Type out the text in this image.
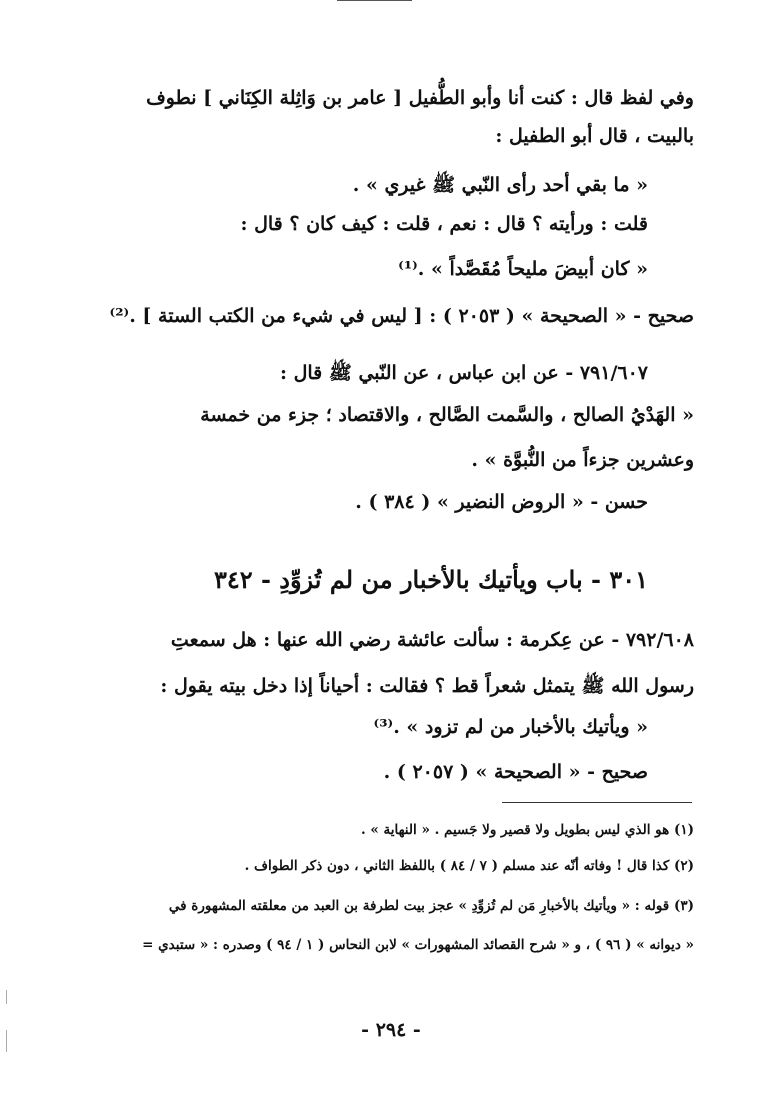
وفي لفظ قال : كنت أنا وأبو الطُّفيل [ عامر بن وَاثِلة الكِنَاني ] نطوف
بالبيت ، قال أبو الطفيل :
« ما بقي أحد رأى النّبي ﷺ غيري » .
قلت : ورأيته ؟ قال : نعم ، قلت : كيف كان ؟ قال :
« كان أبيضَ مليحاً مُقَصَّداً » .⁽¹⁾
صحيح - « الصحيحة » ( ٢٠٥٣ ) : [ ليس في شيء من الكتب الستة ] .⁽²⁾
٧٩١/٦٠٧ - عن ابن عباس ، عن النّبي ﷺ قال :
« الهَدْيُ الصالح ، والسَّمت الصَّالح ، والاقتصاد ؛ جزء من خمسة
وعشرين جزءاً من النُّبوَّة » .
حسن - « الروض النضير » ( ٣٨٤ ) .
٣٠١ - باب ويأتيك بالأخبار من لم تُزوِّدِ - ٣٤٢
٧٩٢/٦٠٨ - عن عِكرمة : سألت عائشة رضي الله عنها : هل سمعتِ
رسول الله ﷺ يتمثل شعراً قط ؟ فقالت : أحياناً إذا دخل بيته يقول :
« ويأتيك بالأخبار من لم تزود » .⁽³⁾
صحيح - « الصحيحة » ( ٢٠٥٧ ) .
(١) هو الذي ليس بطويل ولا قصير ولا جَسيم . « النهاية » .
(٢) كذا قال ! وفاته أنّه عند مسلم ( ٧ / ٨٤ ) باللفظ الثاني ، دون ذكر الطواف .
(٣) قوله : « ويأتيك بالأخبارِ مَن لم تُزوِّدِ » عجز بيت لطرفة بن العبد من معلقته المشهورة في
« ديوانه » ( ٩٦ ) ، و « شرح القصائد المشهورات » لابن النحاس ( ١ / ٩٤ ) وصدره : « ستبدي =
- ٢٩٤ -
